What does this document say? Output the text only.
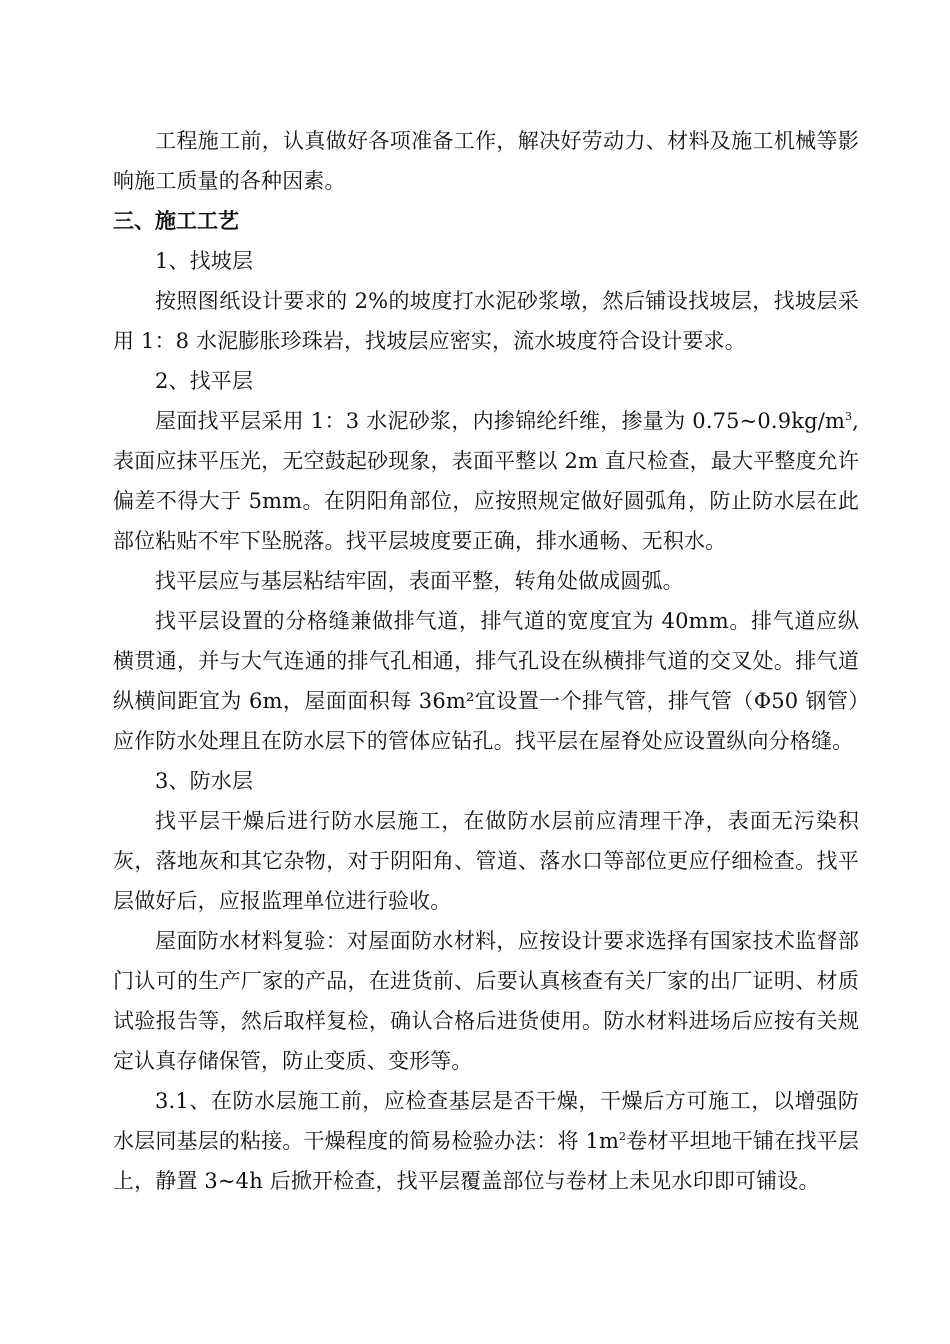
工程施工前，认真做好各项准备工作，解决好劳动力、材料及施工机械等影响施工质量的各种因素。

三、施工工艺

1、找坡层

按照图纸设计要求的 2%的坡度打水泥砂浆墩，然后铺设找坡层，找坡层采用 1：8 水泥膨胀珍珠岩，找坡层应密实，流水坡度符合设计要求。

2、找平层

屋面找平层采用 1：3 水泥砂浆，内掺锦纶纤维，掺量为 $0.75\sim 0.9kg/m^3$,表面应抹平压光，无空鼓起砂现象，表面平整以 2m 直尺检查，最大平整度允许偏差不得大于 5mm。在阴阳角部位，应按照规定做好圆弧角，防止防水层在此部位粘贴不牢下坠脱落。找平层坡度要正确，排水通畅、无积水。

找平层应与基层粘结牢固，表面平整，转角处做成圆弧。

找平层设置的分格缝兼做排气道，排气道的宽度宜为 40mm。排气道应纵横贯通，并与大气连通的排气孔相通，排气孔设在纵横排气道的交叉处。排气道纵横间距宜为 6m，屋面面积每 36m²宜设置一个排气管，排气管（Φ50 钢管）应作防水处理且在防水层下的管体应钻孔。找平层在屋脊处应设置纵向分格缝。

3、防水层

找平层干燥后进行防水层施工，在做防水层前应清理干净，表面无污染积灰，落地灰和其它杂物，对于阴阳角、管道、落水口等部位更应仔细检查。找平层做好后，应报监理单位进行验收。

屋面防水材料复验：对屋面防水材料，应按设计要求选择有国家技术监督部门认可的生产厂家的产品，在进货前、后要认真核查有关厂家的出厂证明、材质试验报告等，然后取样复检，确认合格后进货使用。防水材料进场后应按有关规定认真存储保管，防止变质、变形等。

3.1、在防水层施工前，应检查基层是否干燥，干燥后方可施工，以增强防水层同基层的粘接。干燥程度的简易检验办法：将 $1m^2$卷材平坦地干铺在找平层上，静置 3~4h 后掀开检查，找平层覆盖部位与卷材上未见水印即可铺设。
